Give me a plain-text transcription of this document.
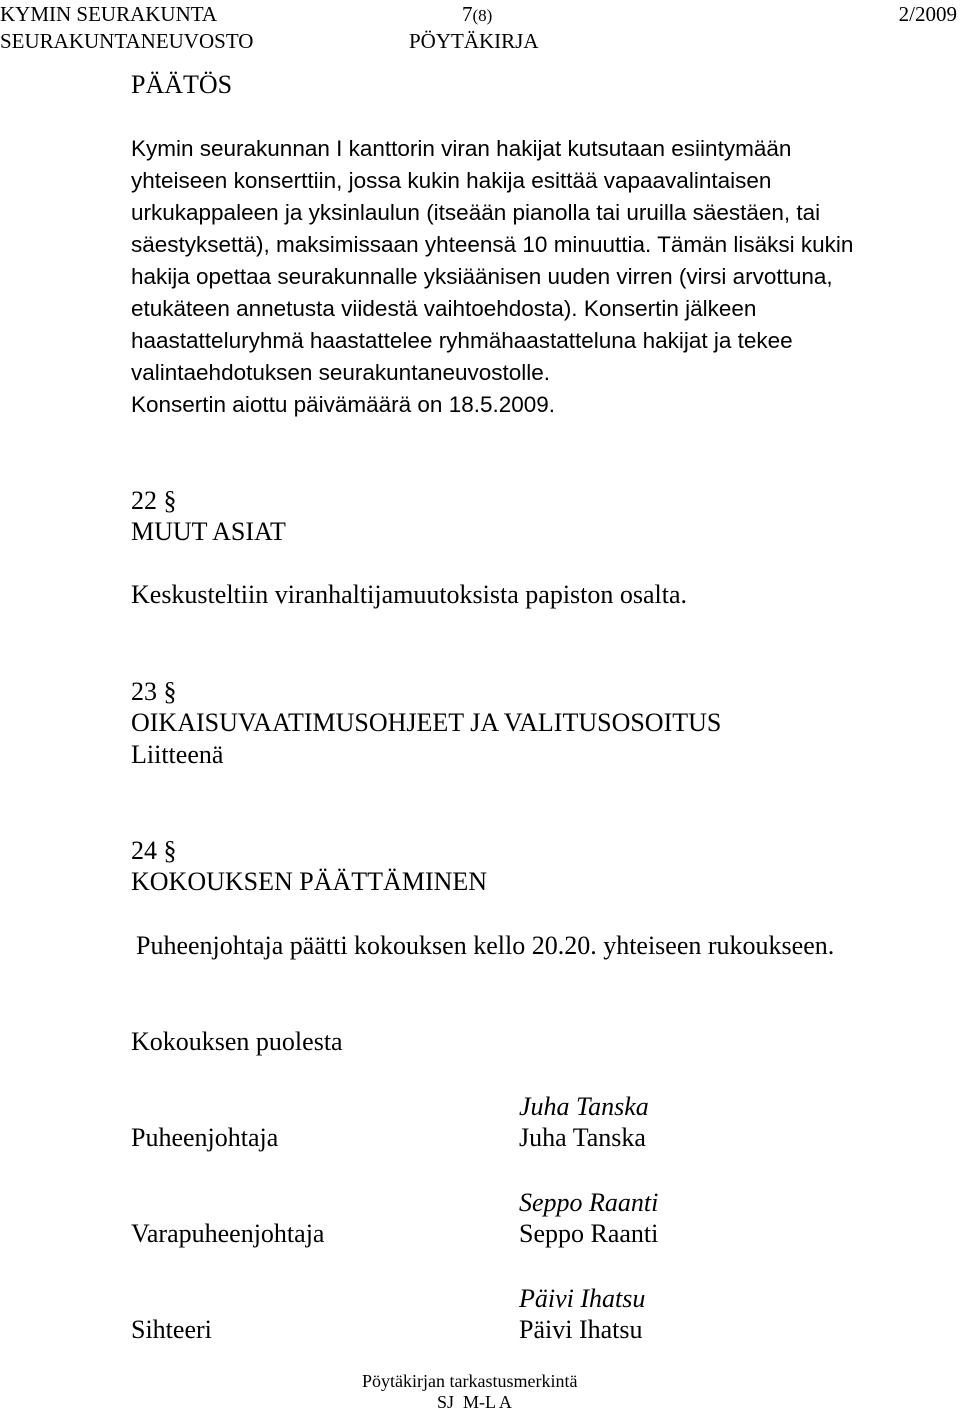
KYMIN SEURAKUNTA	7(8)	2/2009
SEURAKUNTANEUVOSTO	PÖYTÄKIRJA
PÄÄTÖS
Kymin seurakunnan I kanttorin viran hakijat kutsutaan esiintymään
yhteiseen konserttiin, jossa kukin hakija esittää vapaavalintaisen
urkukappaleen ja yksinlaulun (itseään pianolla tai uruilla säestäen, tai
säestyksettä), maksimissaan yhteensä 10 minuuttia. Tämän lisäksi kukin
hakija opettaa seurakunnalle yksiäänisen uuden virren (virsi arvottuna,
etukäteen annetusta viidestä vaihtoehdosta). Konsertin jälkeen
haastatteluryhmä haastattelee ryhmähaastatteluna hakijat ja tekee
valintaehdotuksen seurakuntaneuvostolle.
Konsertin aiottu päivämäärä on 18.5.2009.
22 §
MUUT ASIAT
Keskusteltiin viranhaltijamuutoksista papiston osalta.
23 §
OIKAISUVAATIMUSOHJEET JA VALITUSOSOITUS
Liitteenä
24 §
KOKOUKSEN PÄÄTTÄMINEN
Puheenjohtaja päätti kokouksen kello 20.20. yhteiseen rukoukseen.
Kokouksen puolesta
Juha Tanska
Puheenjohtaja	Juha Tanska
Seppo Raanti
Varapuheenjohtaja	Seppo Raanti
Päivi Ihatsu
Sihteeri	Päivi Ihatsu
Pöytäkirjan tarkastusmerkintä
SJ  M-L A
